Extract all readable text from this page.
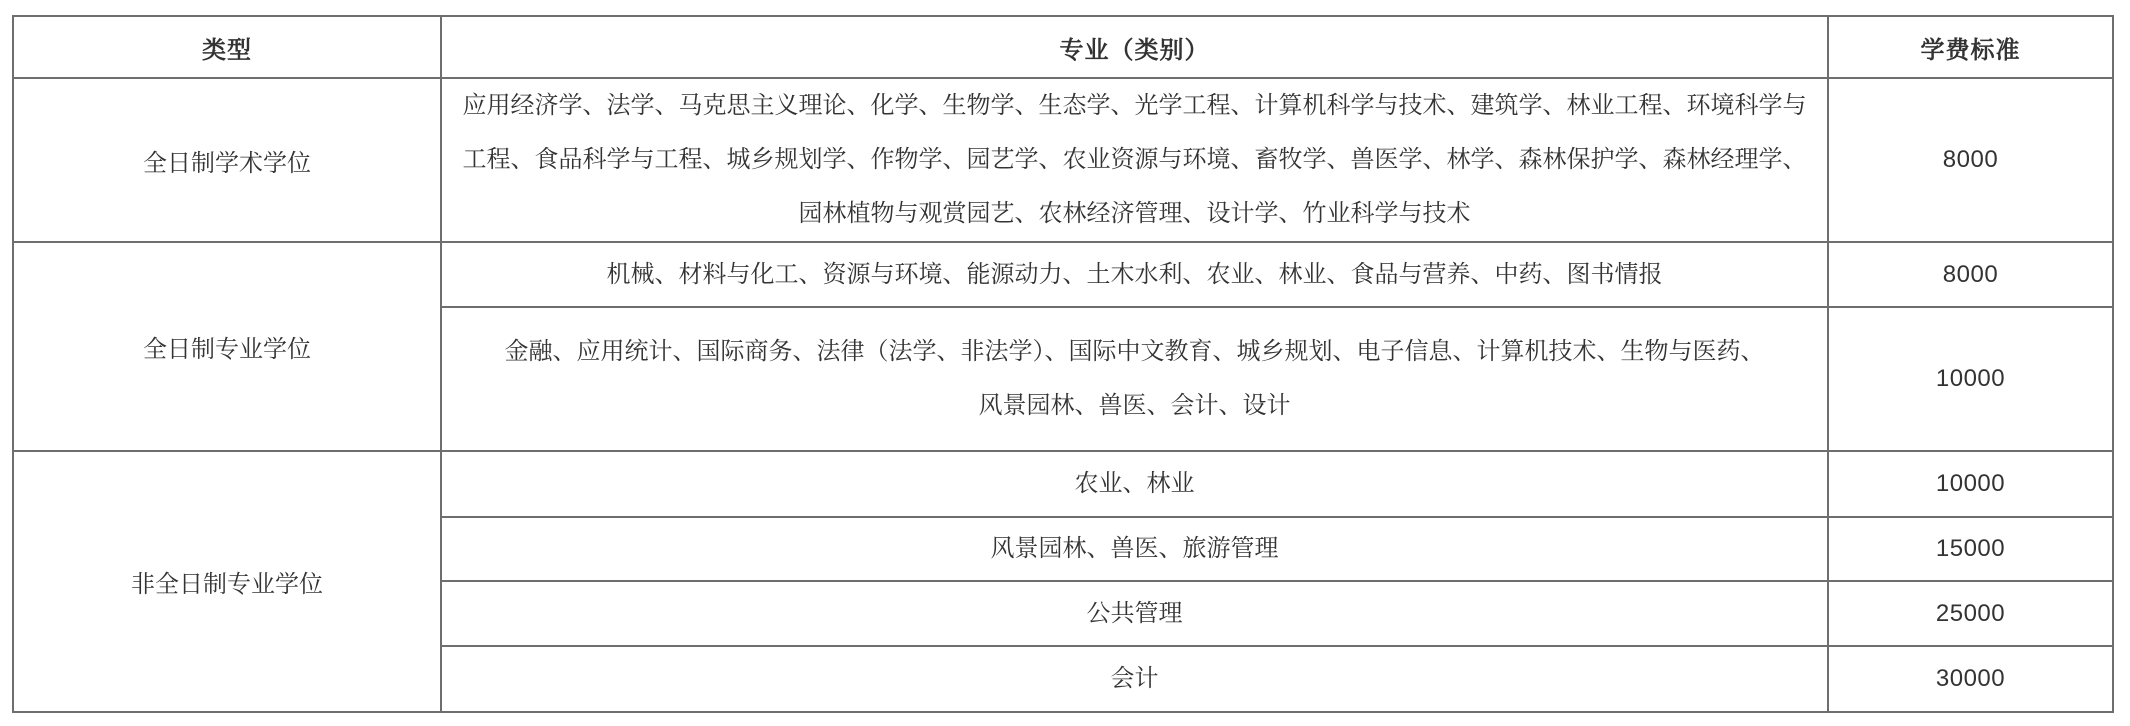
类型	专业（类别）	学费标准
全日制学术学位	应用经济学、法学、马克思主义理论、化学、生物学、生态学、光学工程、计算机科学与技术、建筑学、林业工程、环境科学与
工程、食品科学与工程、城乡规划学、作物学、园艺学、农业资源与环境、畜牧学、兽医学、林学、森林保护学、森林经理学、
园林植物与观赏园艺、农林经济管理、设计学、竹业科学与技术	8000
全日制专业学位	机械、材料与化工、资源与环境、能源动力、土木水利、农业、林业、食品与营养、中药、图书情报	8000

	金融、应用统计、国际商务、法律（法学、非法学）、国际中文教育、城乡规划、电子信息、计算机技术、生物与医药、
风景园林、兽医、会计、设计	10000
非全日制专业学位	农业、林业	10000

	风景园林、兽医、旅游管理	15000

	公共管理	25000

	会计	30000
